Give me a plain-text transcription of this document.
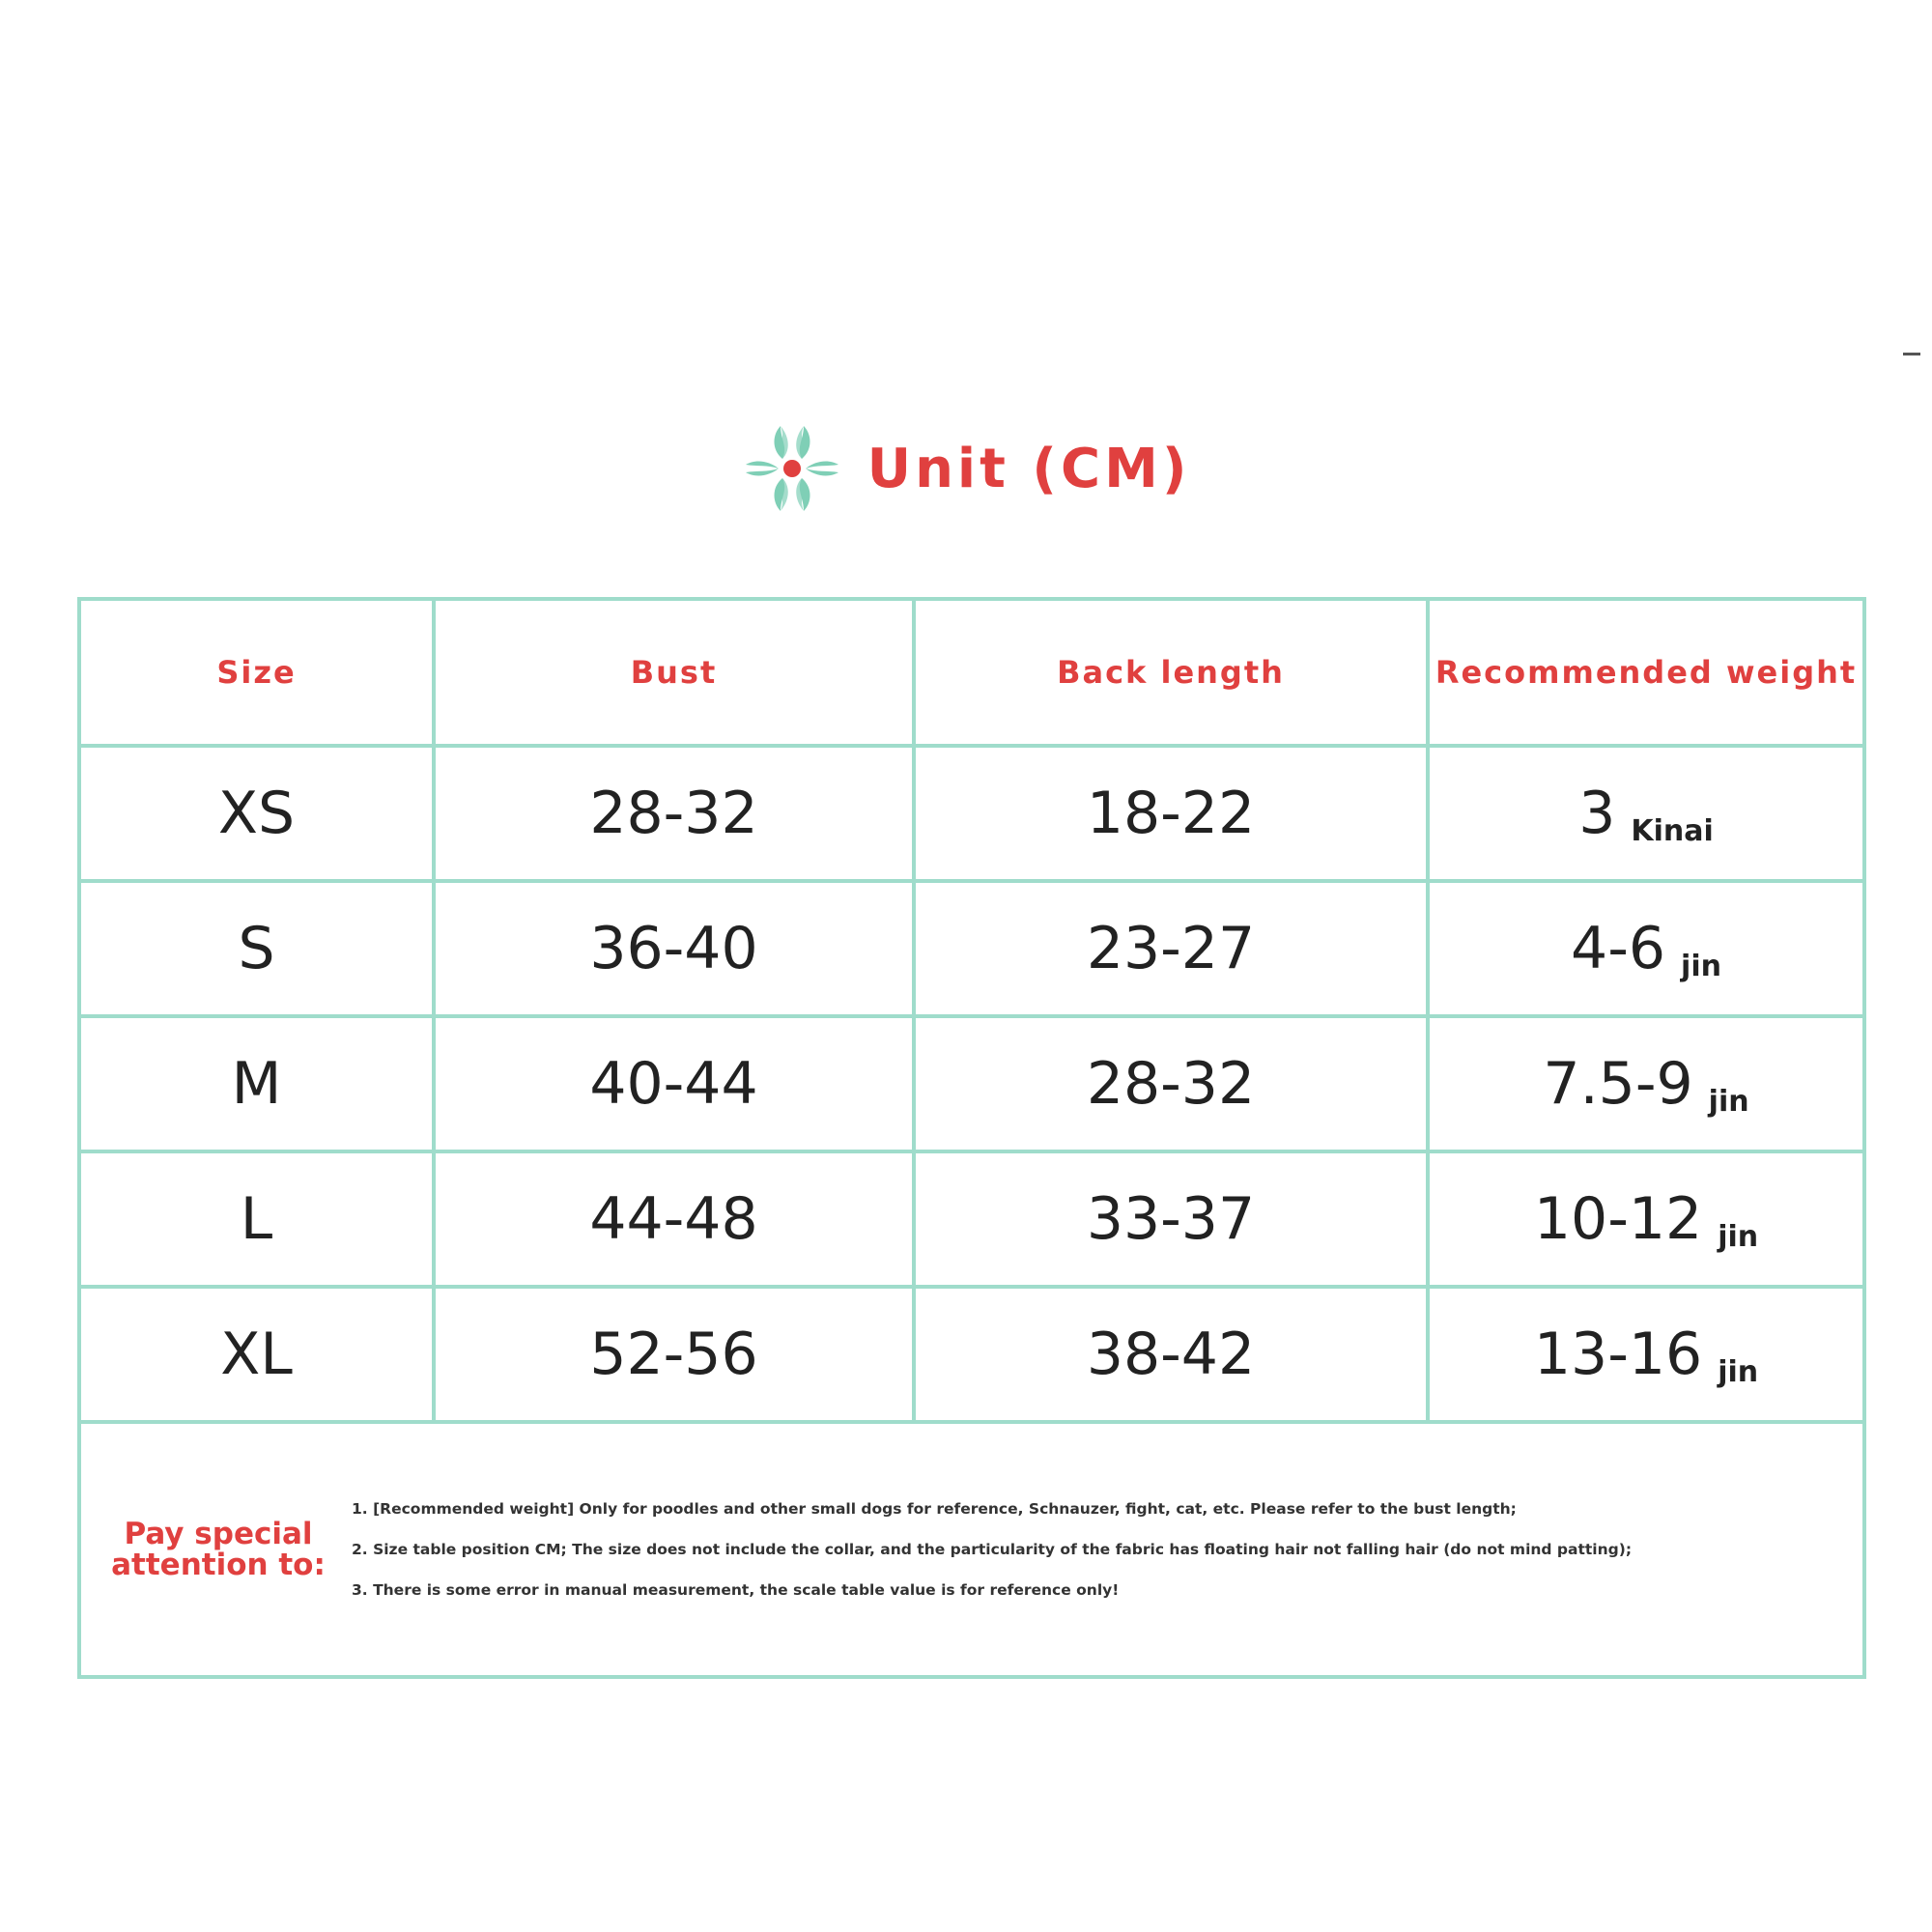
Unit (CM)
Size	Bust	Back length	Recommended weight
XS	28-32	18-22	3 Kinai
S	36-40	23-27	4-6 jin
M	40-44	28-32	7.5-9 jin
L	44-48	33-37	10-12 jin
XL	52-56	38-42	13-16 jin

Pay special
attention to:
1. [Recommended weight] Only for poodles and other small dogs for reference, Schnauzer, fight, cat, etc. Please refer to the bust length;
2. Size table position CM; The size does not include the collar, and the particularity of the fabric has floating hair not falling hair (do not mind patting);
3. There is some error in manual measurement, the scale table value is for reference only!			
